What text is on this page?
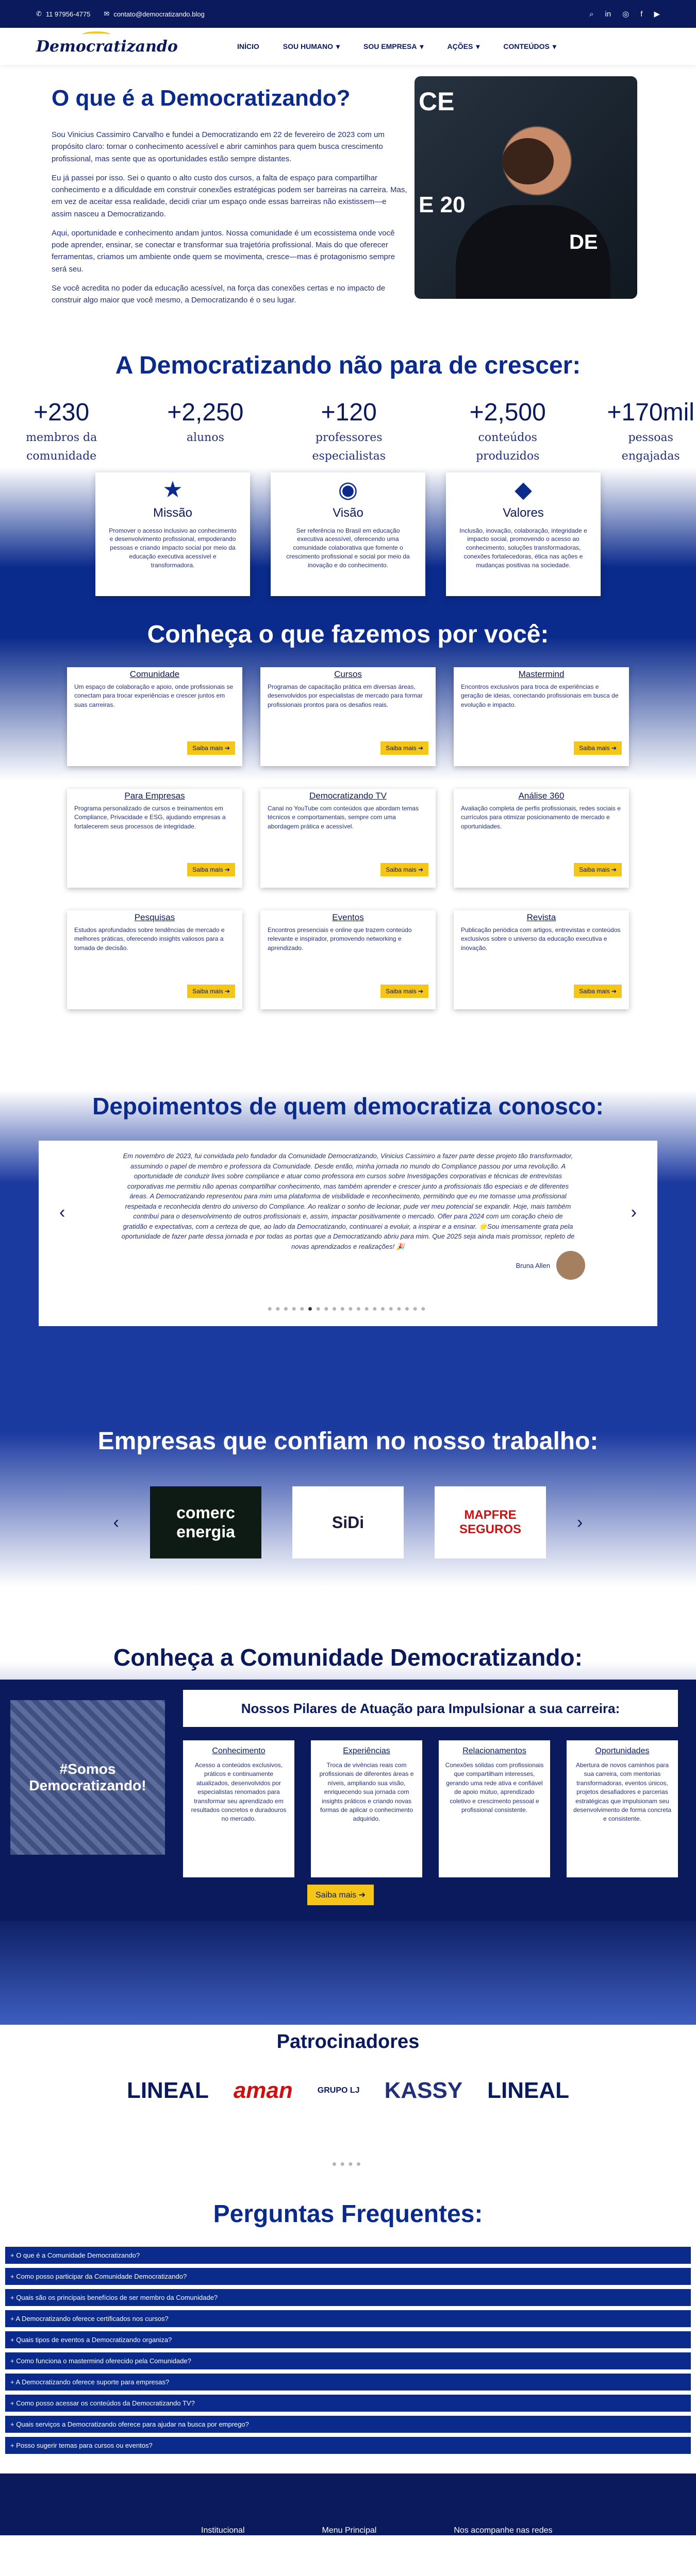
✆ 11 97956-4775 ✉ contato@democratizando.blog	⌕ in ◎ f ▶
Democratizando	INÍCIO	SOU HUMANO ▾	SOU EMPRESA ▾	AÇÕES ▾	CONTEÚDOS ▾
O que é a Democratizando?

Sou Vinicius Cassimiro Carvalho e fundei a Democratizando em 22 de fevereiro de 2023 com um propósito claro: tornar o conhecimento acessível e abrir caminhos para quem busca crescimento profissional, mas sente que as oportunidades estão sempre distantes.

Eu já passei por isso. Sei o quanto o alto custo dos cursos, a falta de espaço para compartilhar conhecimento e a dificuldade em construir conexões estratégicas podem ser barreiras na carreira. Mas, em vez de aceitar essa realidade, decidi criar um espaço onde essas barreiras não existissem—e assim nasceu a Democratizando.

Aqui, oportunidade e conhecimento andam juntos. Nossa comunidade é um ecossistema onde você pode aprender, ensinar, se conectar e transformar sua trajetória profissional. Mais do que oferecer ferramentas, criamos um ambiente onde quem se movimenta, cresce—mas é protagonismo sempre será seu.

Se você acredita no poder da educação acessível, na força das conexões certas e no impacto de construir algo maior que você mesmo, a Democratizando é o seu lugar.

CE
E 20
DE
A Democratizando não para de crescer:
+230
membros da comunidade
+2,250
alunos
+120
professores especialistas
+2,500
conteúdos produzidos
+170mil
pessoas engajadas
★
Missão

Promover o acesso inclusivo ao conhecimento e desenvolvimento profissional, empoderando pessoas e criando impacto social por meio da educação executiva acessível e transformadora.

◉
Visão

Ser referência no Brasil em educação executiva acessível, oferecendo uma comunidade colaborativa que fomente o crescimento profissional e social por meio da inovação e do conhecimento.

◆
Valores

Inclusão, inovação, colaboração, integridade e impacto social, promovendo o acesso ao conhecimento, soluções transformadoras, conexões fortalecedoras, ética nas ações e mudanças positivas na sociedade.

Conheça o que fazemos por você:
Comunidade

Um espaço de colaboração e apoio, onde profissionais se conectam para trocar experiências e crescer juntos em suas carreiras.

Saiba mais ➔
Cursos

Programas de capacitação prática em diversas áreas, desenvolvidos por especialistas de mercado para formar profissionais prontos para os desafios reais.

Saiba mais ➔
Mastermind

Encontros exclusivos para troca de experiências e geração de ideias, conectando profissionais em busca de evolução e impacto.

Saiba mais ➔
Para Empresas

Programa personalizado de cursos e treinamentos em Compliance, Privacidade e ESG, ajudando empresas a fortalecerem seus processos de integridade.

Saiba mais ➔
Democratizando TV

Canal no YouTube com conteúdos que abordam temas técnicos e comportamentais, sempre com uma abordagem prática e acessível.

Saiba mais ➔
Análise 360

Avaliação completa de perfis profissionais, redes sociais e currículos para otimizar posicionamento de mercado e oportunidades.

Saiba mais ➔
Pesquisas

Estudos aprofundados sobre tendências de mercado e melhores práticas, oferecendo insights valiosos para a tomada de decisão.

Saiba mais ➔
Eventos

Encontros presenciais e online que trazem conteúdo relevante e inspirador, promovendo networking e aprendizado.

Saiba mais ➔
Revista

Publicação periódica com artigos, entrevistas e conteúdos exclusivos sobre o universo da educação executiva e inovação.

Saiba mais ➔
Depoimentos de quem democratiza conosco:
‹

Em novembro de 2023, fui convidada pelo fundador da Comunidade Democratizando, Vinicius Cassimiro a fazer parte desse projeto tão transformador, assumindo o papel de membro e professora da Comunidade. Desde então, minha jornada no mundo do Compliance passou por uma revolução. A oportunidade de conduzir lives sobre compliance e atuar como professora em cursos sobre Investigações corporativas e técnicas de entrevistas corporativas me permitiu não apenas compartilhar conhecimento, mas também aprender e crescer junto a profissionais tão especiais e de diferentes áreas. A Democratizando representou para mim uma plataforma de visibilidade e reconhecimento, permitindo que eu me tornasse uma profissional respeitada e reconhecida dentro do universo do Compliance. Ao realizar o sonho de lecionar, pude ver meu potencial se expandir. Hoje, mais também contribuí para o desenvolvimento de outros profissionais e, assim, impactar positivamente o mercado. Ofler para 2024 com um coração cheio de gratidão e expectativas, com a certeza de que, ao lado da Democratizando, continuarei a evoluir, a inspirar e a ensinar. 🌟Sou imensamente grata pela oportunidade de fazer parte dessa jornada e por todas as portas que a Democratizando abriu para mim. Que 2025 seja ainda mais promissor, repleto de novas aprendizados e realizações! 🎉

Bruna Allen
›
●●●●●●●●●●●●●●●●●●●●
Empresas que confiam no nosso trabalho:
‹	comerc energia
SiDi	MAPFRE SEGUROS	›
Conheça a Comunidade Democratizando:
#Somos Democratizando!
Nossos Pilares de Atuação para Impulsionar a sua carreira:
Conhecimento

Acesso a conteúdos exclusivos, práticos e continuamente atualizados, desenvolvidos por especialistas renomados para transformar seu aprendizado em resultados concretos e duradouros no mercado.

Experiências

Troca de vivências reais com profissionais de diferentes áreas e níveis, ampliando sua visão, enriquecendo sua jornada com insights práticos e criando novas formas de aplicar o conhecimento adquirido.

Relacionamentos

Conexões sólidas com profissionais que compartilham interesses, gerando uma rede ativa e confiável de apoio mútuo, aprendizado coletivo e crescimento pessoal e profissional consistente.

Oportunidades

Abertura de novos caminhos para sua carreira, com mentorias transformadoras, eventos únicos, projetos desafiadores e parcerias estratégicas que impulsionam seu desenvolvimento de forma concreta e consistente.

Saiba mais ➔
Patrocinadores
LINEAL aman	GRUPO LJ KASSY LINEAL
●●●●
Perguntas Frequentes:
+ O que é a Comunidade Democratizando?
+ Como posso participar da Comunidade Democratizando?
+ Quais são os principais benefícios de ser membro da Comunidade?
+ A Democratizando oferece certificados nos cursos?
+ Quais tipos de eventos a Democratizando organiza?
+ Como funciona o mastermind oferecido pela Comunidade?
+ A Democratizando oferece suporte para empresas?
+ Como posso acessar os conteúdos da Democratizando TV?
+ Quais serviços a Democratizando oferece para ajudar na busca por emprego?
+ Posso sugerir temas para cursos ou eventos?
Institucional	Menu Principal	Nos acompanhe nas redes
